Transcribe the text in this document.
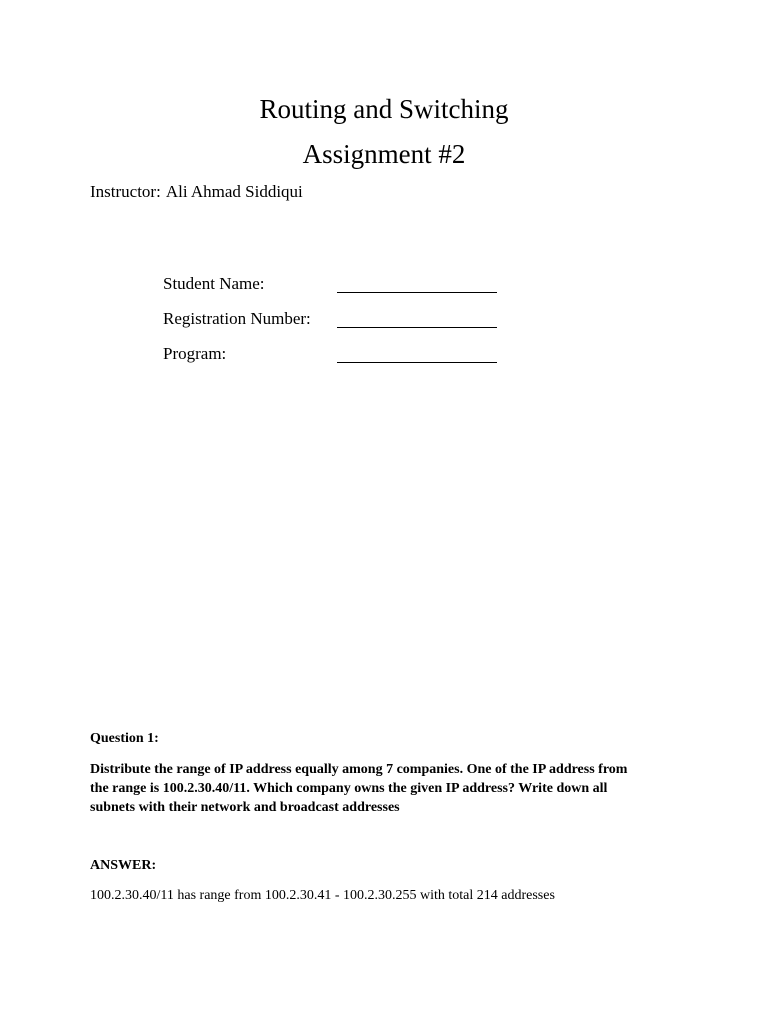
Routing and Switching
Assignment #2
Instructor: Ali Ahmad Siddiqui
Student Name:
Registration Number:
Program:
Question 1:
Distribute the range of IP address equally among 7 companies. One of the IP address from
the range is 100.2.30.40/11. Which company owns the given IP address? Write down all
subnets with their network and broadcast addresses
ANSWER:
100.2.30.40/11 has range from 100.2.30.41 - 100.2.30.255 with total 214 addresses
